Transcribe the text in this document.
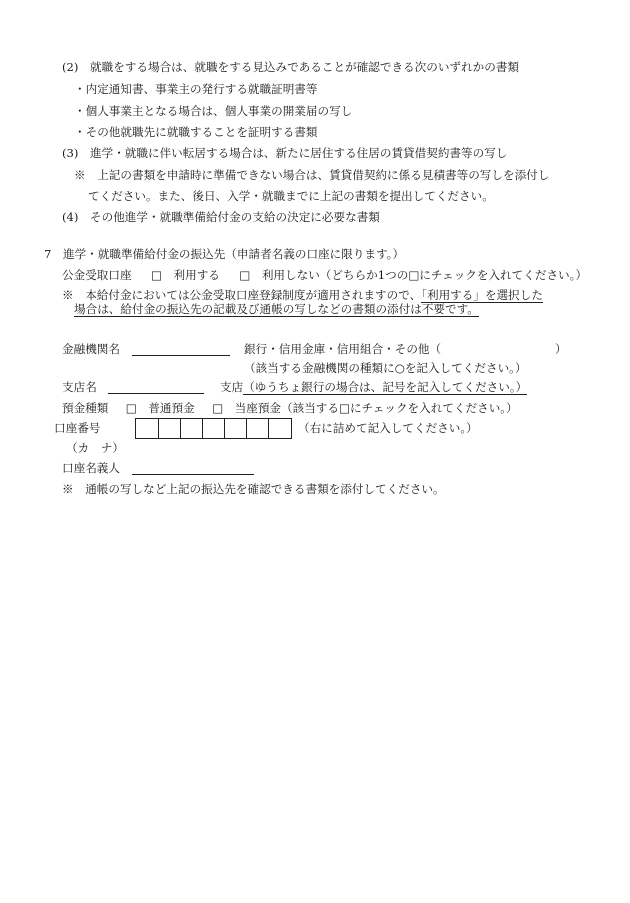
(2)　就職をする場合は、就職をする見込みであることが確認できる次のいずれかの書類
・内定通知書、事業主の発行する就職証明書等
・個人事業主となる場合は、個人事業の開業届の写し
・その他就職先に就職することを証明する書類
(3)　進学・就職に伴い転居する場合は、新たに居住する住居の賃貸借契約書等の写し
※　上記の書類を申請時に準備できない場合は、賃貸借契約に係る見積書等の写しを添付し
てください。また、後日、入学・就職までに上記の書類を提出してください。
(4)　その他進学・就職準備給付金の支給の決定に必要な書類
7　進学・就職準備給付金の振込先（申請者名義の口座に限ります。）
公金受取口座 □　利用する □　利用しない（どちらか1つの□にチェックを入れてください。）
※　本給付金においては公金受取口座登録制度が適用されますので、「利用する」を選択した
場合は、給付金の振込先の記載及び通帳の写しなどの書類の添付は不要です。
金融機関名	銀行・信用金庫・信用組合・その他（	）
（該当する金融機関の種類に○を記入してください。）
支店名	支店（ゆうちょ銀行の場合は、記号を記入してください。）
預金種類 □　普通預金 □　当座預金（該当する□にチェックを入れてください。）
口座番号	（右に詰めて記入してください。）
（カ　ナ）
口座名義人
※　通帳の写しなど上記の振込先を確認できる書類を添付してください。
